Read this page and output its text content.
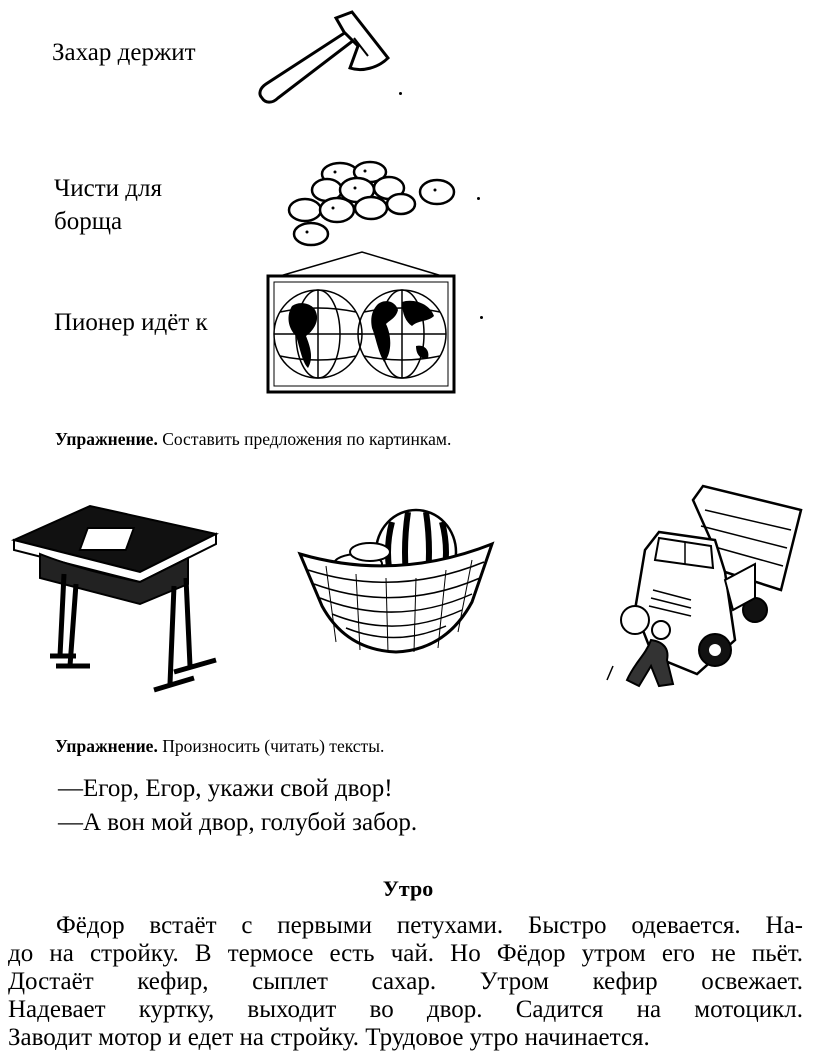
Захар держит
Чисти для
борща
Пионер идёт к
Упражнение. Составить предложения по картинкам.
Упражнение. Произносить (читать) тексты.
—Егор, Егор, укажи свой двор!
—А вон мой двор, голубой забор.
Утро
Фёдор встаёт с первыми петухами. Быстро одевается. На-
до на стройку. В термосе есть чай. Но Фёдор утром его не пьёт.
Достаёт кефир, сыплет сахар. Утром кефир освежает.
Надевает куртку, выходит во двор. Садится на мотоцикл.
Заводит мотор и едет на стройку. Трудовое утро начинается.
